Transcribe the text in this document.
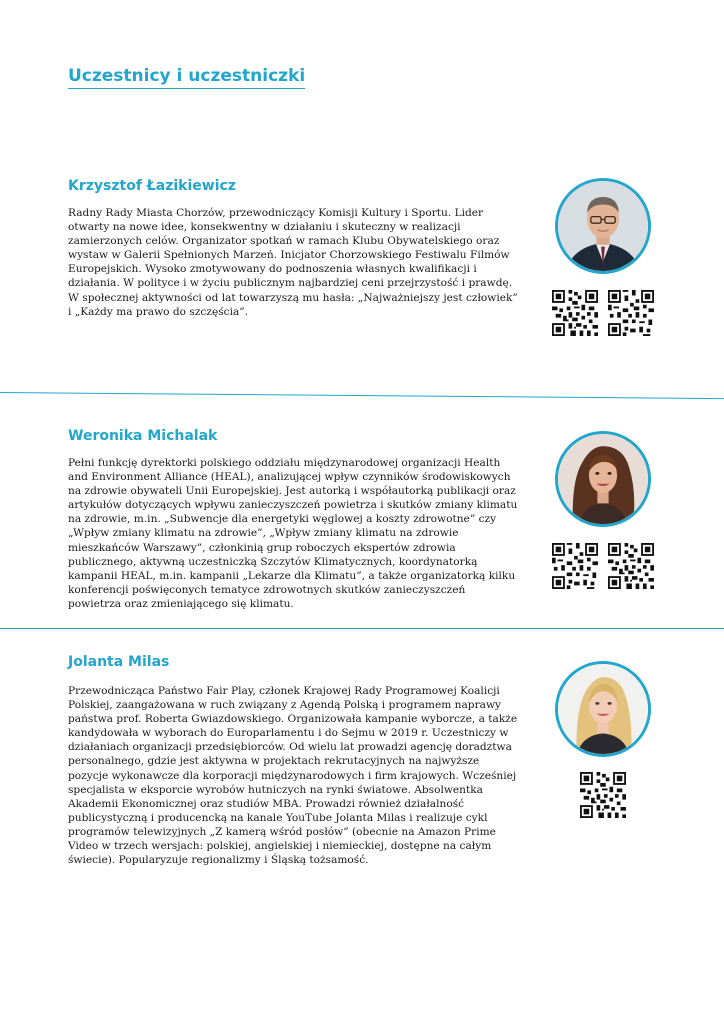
Uczestnicy i uczestniczki
Krzysztof Łazikiewicz

Radny Rady Miasta Chorzów, przewodniczący Komisji Kultury i Sportu. Lider otwarty na nowe idee, konsekwentny w działaniu i skuteczny w realizacji zamierzonych celów. Organizator spotkań w ramach Klubu Obywatelskiego oraz wystaw w Galerii Spełnionych Marzeń. Inicjator Chorzowskiego Festiwalu Filmów Europejskich. Wysoko zmotywowany do podnoszenia własnych kwalifikacji i działania. W polityce i w życiu publicznym najbardziej ceni przejrzystość i prawdę. W społecznej aktywności od lat towarzyszą mu hasła: „Najważniejszy jest człowiek” i „Każdy ma prawo do szczęścia”.

Weronika Michalak

Pełni funkcję dyrektorki polskiego oddziału międzynarodowej organizacji Health and Environment Alliance (HEAL), analizującej wpływ czynników środowiskowych na zdrowie obywateli Unii Europejskiej. Jest autorką i współautorką publikacji oraz artykułów dotyczących wpływu zanieczyszczeń powietrza i skutków zmiany klimatu na zdrowie, m.in. „Subwencje dla energetyki węglowej a koszty zdrowotne” czy „Wpływ zmiany klimatu na zdrowie”, „Wpływ zmiany klimatu na zdrowie mieszkańców Warszawy”, członkinią grup roboczych ekspertów zdrowia publicznego, aktywną uczestniczką Szczytów Klimatycznych, koordynatorką kampanii HEAL, m.in. kampanii „Lekarze dla Klimatu”, a także organizatorką kilku konferencji poświęconych tematyce zdrowotnych skutków zanieczyszczeń powietrza oraz zmieniającego się klimatu.

Jolanta Milas

Przewodnicząca Państwo Fair Play, członek Krajowej Rady Programowej Koalicji Polskiej, zaangażowana w ruch związany z Agendą Polską i programem naprawy państwa prof. Roberta Gwiazdowskiego. Organizowała kampanie wyborcze, a także kandydowała w wyborach do Europarlamentu i do Sejmu w 2019 r. Uczestniczy w działaniach organizacji przedsiębiorców. Od wielu lat prowadzi agencję doradztwa personalnego, gdzie jest aktywna w projektach rekrutacyjnych na najwyższe pozycje wykonawcze dla korporacji międzynarodowych i firm krajowych. Wcześniej specjalista w eksporcie wyrobów hutniczych na rynki światowe. Absolwentka Akademii Ekonomicznej oraz studiów MBA. Prowadzi również działalność publicystyczną i producencką na kanale YouTube Jolanta Milas i realizuje cykl programów telewizyjnych „Z kamerą wśród posłów” (obecnie na Amazon Prime Video w trzech wersjach: polskiej, angielskiej i niemieckiej, dostępne na całym świecie). Popularyzuje regionalizmy i Śląską tożsamość.
